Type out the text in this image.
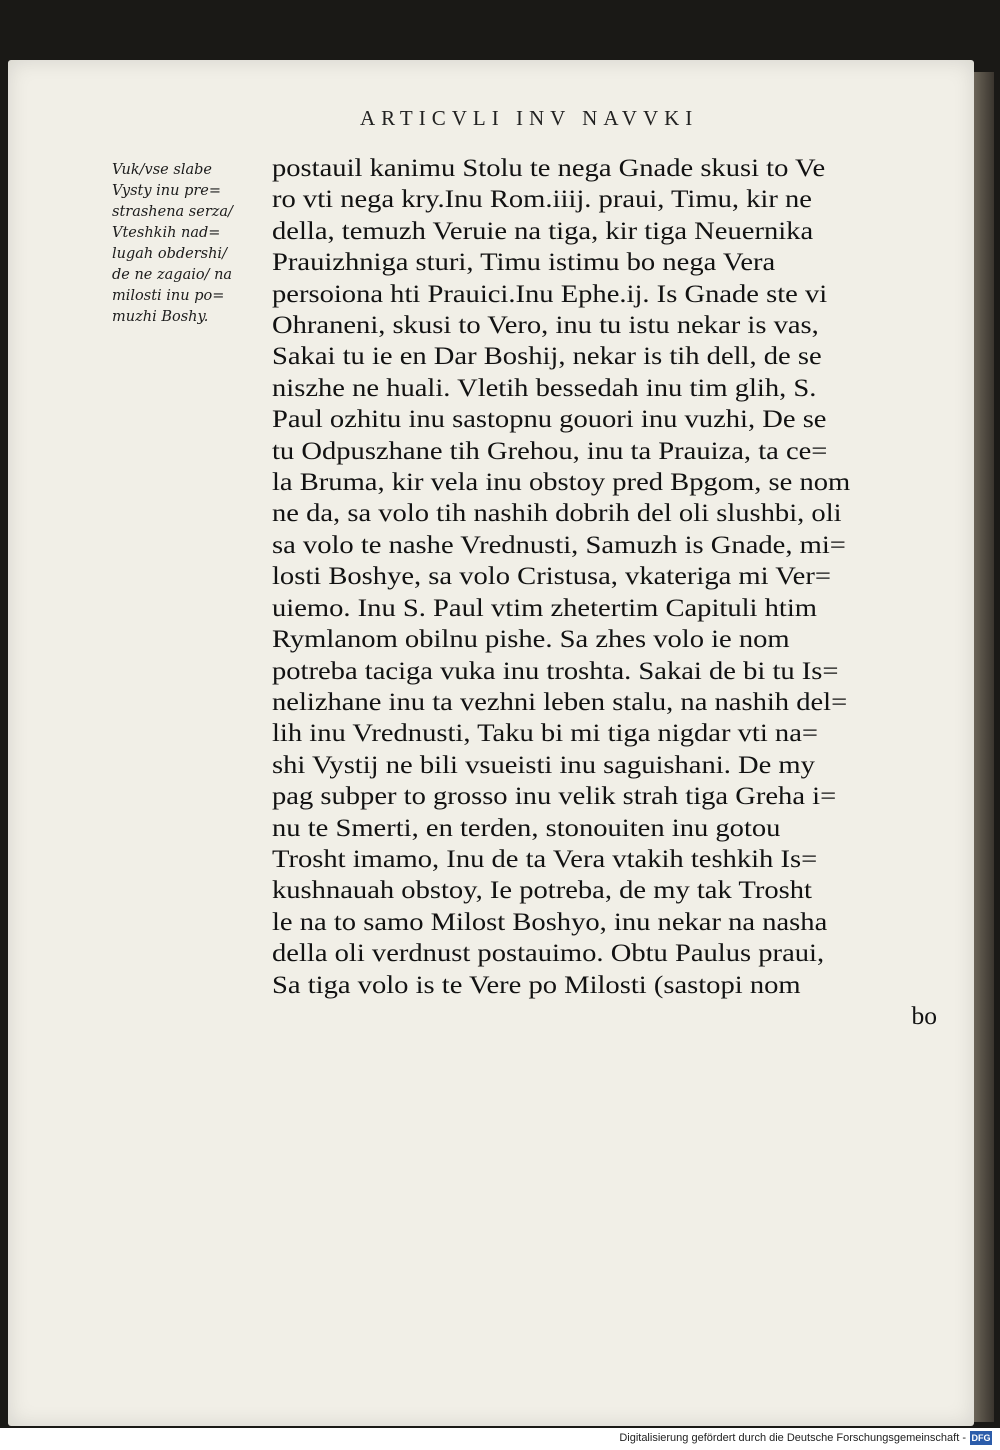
ARTICVLI INV NAVVKI
Vuk/vse slabe
Vysty inu pre=
strashena serza/
Vteshkih nad=
lugah obdershi/
de ne zagaio/ na
milosti inu po=
muzhi Boshy.
postauil kanimu Stolu te nega Gnade skusi to Ve
ro vti nega kry.Inu Rom.iiij. praui, Timu, kir ne
della, temuzh Veruie na tiga, kir tiga Neuernika
Prauizhniga sturi, Timu istimu bo nega Vera
persoiona hti Prauici.Inu Ephe.ij. Is Gnade ste vi
Ohraneni, skusi to Vero, inu tu istu nekar is vas,
Sakai tu ie en Dar Boshij, nekar is tih dell, de se
niszhe ne huali. Vletih bessedah inu tim glih, S.
Paul ozhitu inu sastopnu gouori inu vuzhi, De se
tu Odpuszhane tih Grehou, inu ta Prauiza, ta ce=
la Bruma, kir vela inu obstoy pred Bpgom, se nom
ne da, sa volo tih nashih dobrih del oli slushbi, oli
sa volo te nashe Vrednusti, Samuzh is Gnade, mi=
losti Boshye, sa volo Cristusa, vkateriga mi Ver=
uiemo. Inu S. Paul vtim zhetertim Capituli htim
Rymlanom obilnu pishe. Sa zhes volo ie nom
potreba taciga vuka inu troshta. Sakai de bi tu Is=
nelizhane inu ta vezhni leben stalu, na nashih del=
lih inu Vrednusti, Taku bi mi tiga nigdar vti na=
shi Vystij ne bili vsueisti inu saguishani. De my
pag subper to grosso inu velik strah tiga Greha i=
nu te Smerti, en terden, stonouiten inu gotou
Trosht imamo, Inu de ta Vera vtakih teshkih Is=
kushnauah obstoy, Ie potreba, de my tak Trosht
le na to samo Milost Boshyo, inu nekar na nasha
della oli verdnust postauimo. Obtu Paulus praui,
Sa tiga volo is te Vere po Milosti (sastopi nom
bo
Digitalisierung gefördert durch die Deutsche Forschungsgemeinschaft - DFG
